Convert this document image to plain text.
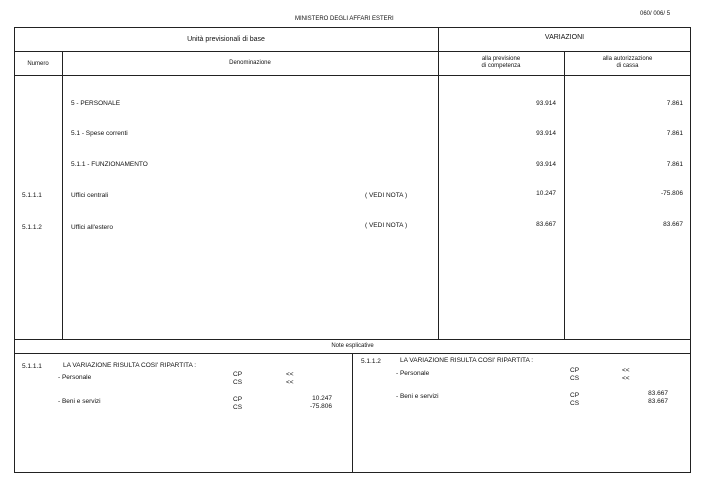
MINISTERO DEGLI AFFARI ESTERI
060/ 006/ 5
Unità previsionali di base	VARIAZIONI
Numero	Denominazione
alla previsione
di competenza
alla autorizzazione
di cassa
5 - PERSONALE	93.914	7.861
5.1 - Spese correnti	93.914	7.861
5.1.1 - FUNZIONAMENTO	93.914	7.861
5.1.1.1	Uffici centrali	( VEDI NOTA )	10.247	-75.806
5.1.1.2	Uffici all'estero	( VEDI NOTA )	83.667	83.667
Note esplicative
5.1.1.1	LA VARIAZIONE RISULTA COSI' RIPARTITA :
- Personale	CP	<<
CS	<<
- Beni e servizi	CP	10.247
CS	-75.806
5.1.1.2	LA VARIAZIONE RISULTA COSI' RIPARTITA :
- Personale	CP	<<
CS	<<
- Beni e servizi	CP	83.667
CS	83.667
